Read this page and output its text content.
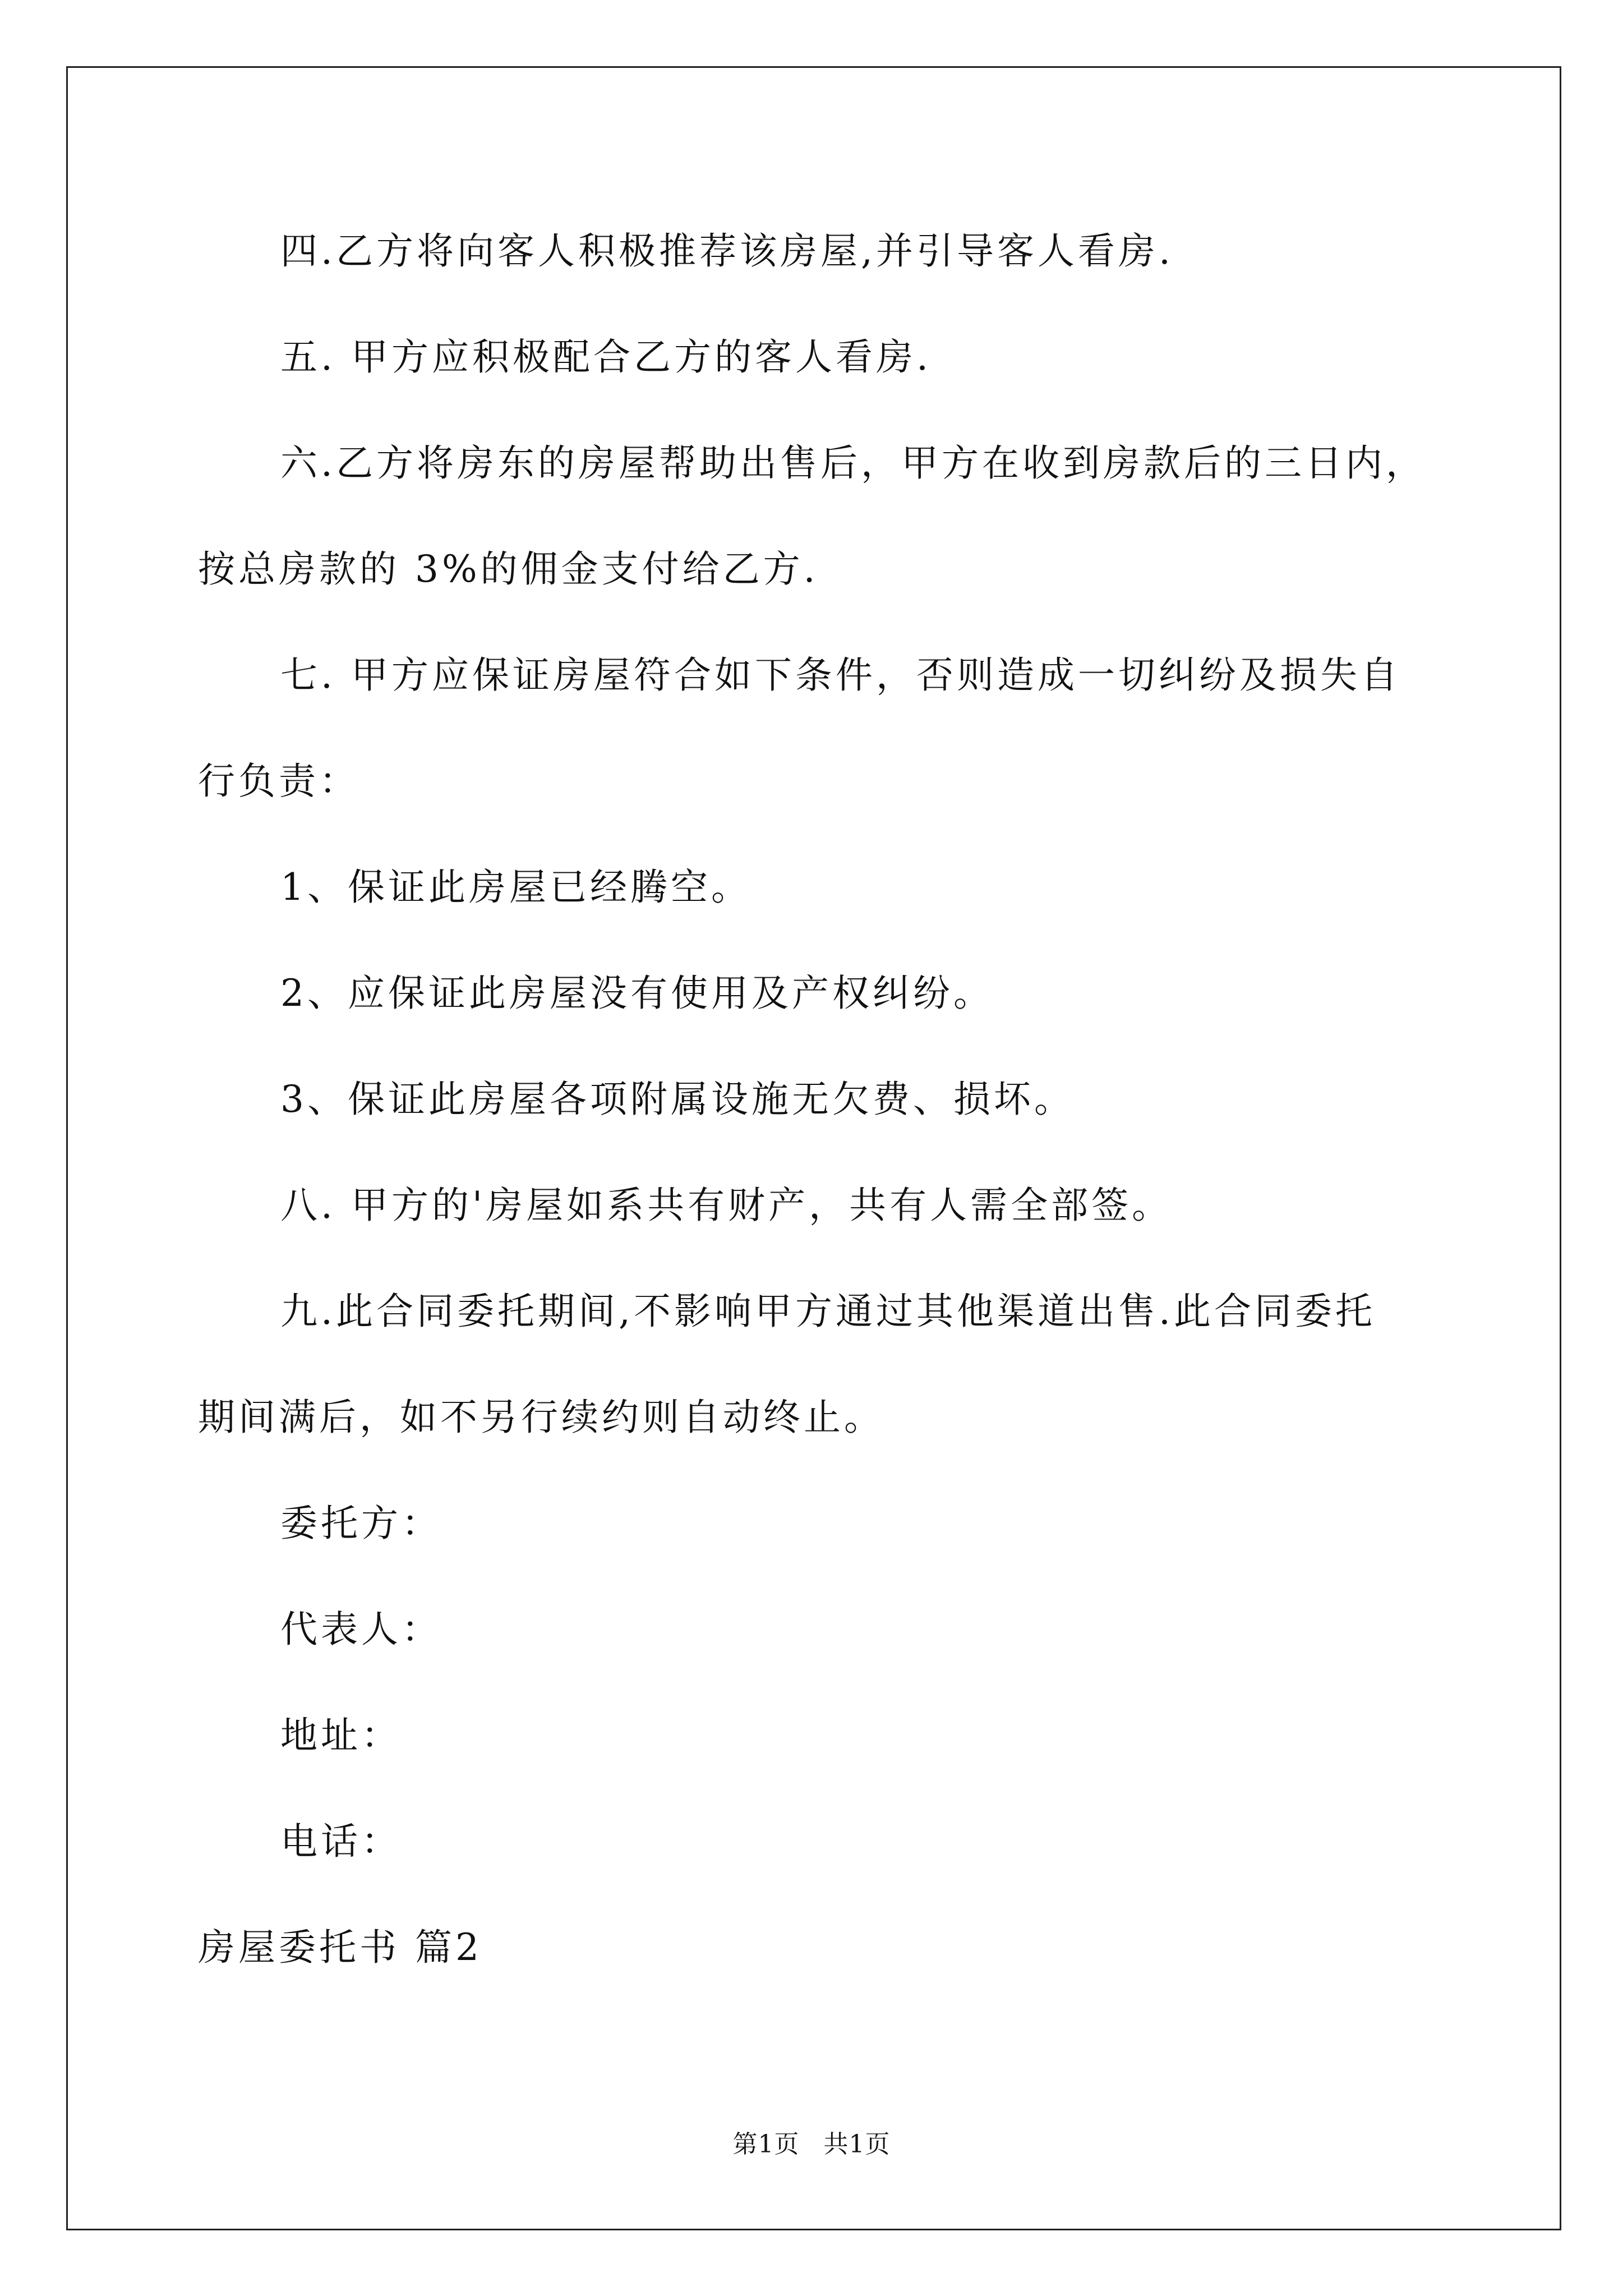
四.乙方将向客人积极推荐该房屋,并引导客人看房.
五. 甲方应积极配合乙方的客人看房.
六.乙方将房东的房屋帮助出售后，甲方在收到房款后的三日内，
按总房款的 3%的佣金支付给乙方.
七. 甲方应保证房屋符合如下条件，否则造成一切纠纷及损失自
行负责：
1、保证此房屋已经腾空。
2、应保证此房屋没有使用及产权纠纷。
3、保证此房屋各项附属设施无欠费、损坏。
八. 甲方的'房屋如系共有财产，共有人需全部签。
九.此合同委托期间,不影响甲方通过其他渠道出售.此合同委托
期间满后，如不另行续约则自动终止。
委托方：
代表人：
地址：
电话：
房屋委托书 篇2
第1页 共1页
